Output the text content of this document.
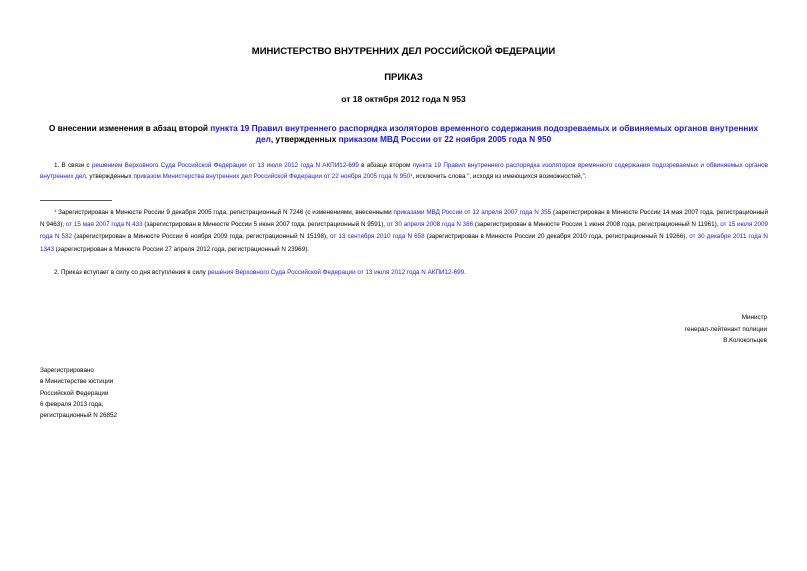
МИНИСТЕРСТВО ВНУТРЕННИХ ДЕЛ РОССИЙСКОЙ ФЕДЕРАЦИИ
ПРИКАЗ
от 18 октября 2012 года N 953
О внесении изменения в абзац второй пункта 19 Правил внутреннего распорядка изоляторов временного содержания подозреваемых и обвиняемых органов внутренних дел, утвержденных приказом МВД России от 22 ноября 2005 года N 950
1. В связи с решением Верховного Суда Российской Федерации от 13 июля 2012 года N АКПИ12-699 в абзаце втором пункта 19 Правил внутреннего распорядка изоляторов временного содержания подозреваемых и обвиняемых органов внутренних дел, утвержденных приказом Министерства внутренних дел Российской Федерации от 22 ноября 2005 года N $950^1$, исключить слова ", исходя из имеющихся возможностей,".
$^1$ Зарегистрирован в Минюсте России 9 декабря 2005 года, регистрационный N 7246 (с изменениями, внесенными приказами МВД России от 12 апреля 2007 года N 355 (зарегистрирован в Минюсте России 14 мая 2007 года, регистрационный N 9463), от 15 мая 2007 года N 433 (зарегистрирован в Минюсте России 5 июня 2007 года, регистрационный N 9591), от 30 апреля 2008 года N 386 (зарегистрирован в Минюсте России 1 июня 2008 года, регистрационный N 11961), от 15 июля 2009 года N 532 (зарегистрирован в Минюсте России 6 ноября 2009 года, регистрационный N 15198), от 13 сентября 2010 года N 658 (зарегистрирован в Минюсте России 20 декабря 2010 года, регистрационный N 19266), от 30 декабря 2011 года N 1343 (зарегистрирован в Минюсте России 27 апреля 2012 года, регистрационный N 23969).
2. Приказ вступает в силу со дня вступления в силу решения Верховного Суда Российской Федерации от 13 июля 2012 года N АКПИ12-699.
Министр
генерал-лейтенант полиции
В.Колокольцев
Зарегистрировано
в Министерстве юстиции
Российской Федерации
6 февраля 2013 года,
регистрационный N 26852
